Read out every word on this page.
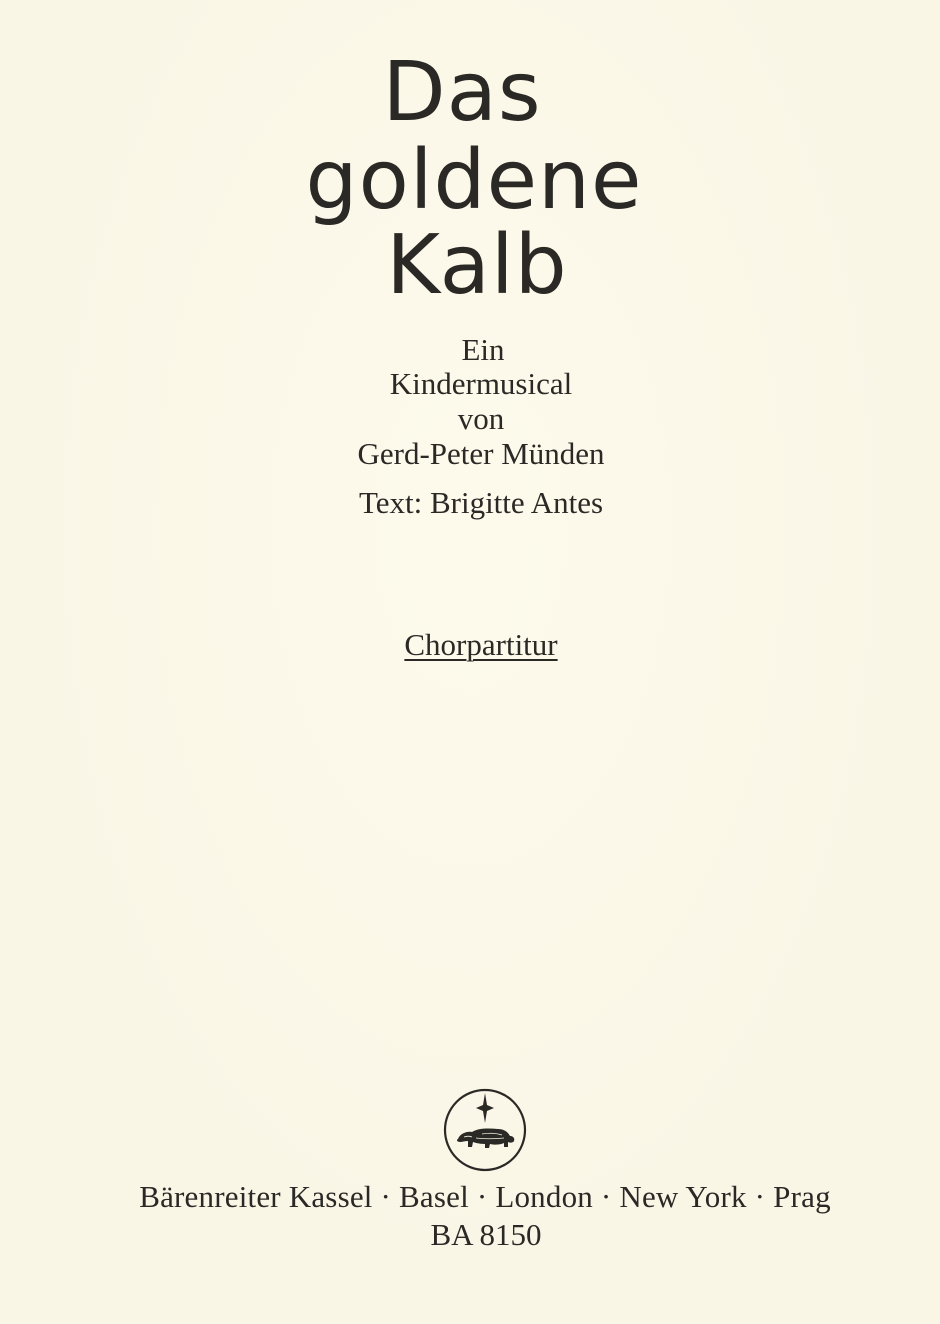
Das
goldene
Kalb
Ein
Kindermusical
von
Gerd-Peter Münden
Text: Brigitte Antes
Chorpartitur
Bärenreiter Kassel · Basel · London · New York · Prag
BA 8150
